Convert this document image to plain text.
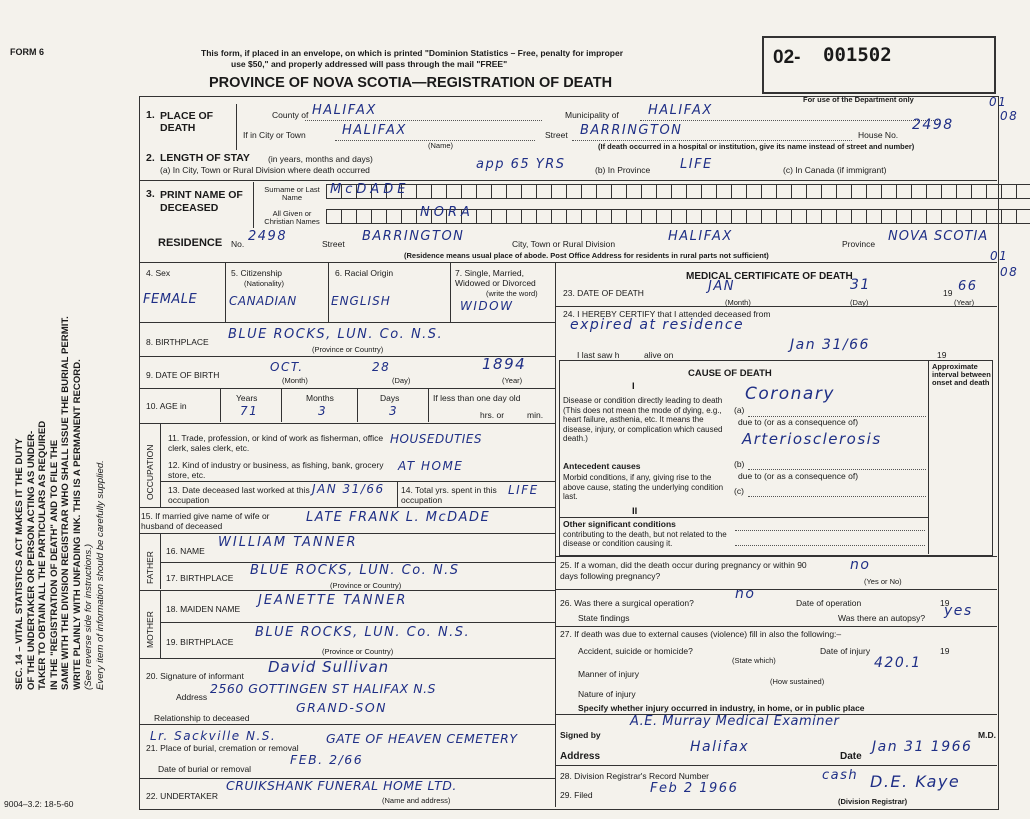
SEC. 14 – VITAL STATISTICS ACT MAKES IT THE DUTY OF THE UNDERTAKER OR PERSON ACTING AS UNDER- TAKER TO OBTAIN ALL THE PARTICULARS AS REQUIRED IN THE "REGISTRATION OF DEATH" AND TO FILE THE SAME WITH THE DIVISION REGISTRAR WHO SHALL ISSUE THE BURIAL PERMIT. WRITE PLAINLY WITH UNFADING INK. THIS IS A PERMANENT RECORD. (See reverse side for instructions.) Every item of information should be carefully supplied.
FORM 6	This form, if placed in an envelope, on which is printed "Dominion Statistics – Free, penalty for improper
use $50," and properly addressed will pass through the mail "FREE"
PROVINCE OF NOVA SCOTIA—REGISTRATION OF DEATH
02- 001502
For use of the Department only	01
08
01
08
1. PLACE OF DEATH
County of HALIFAX	Municipality of HALIFAX
If in City or Town	HALIFAX
(Name)
Street BARRINGTON	House No.
2498
(If death occurred in a hospital or institution, give its name instead of street and number)
2. LENGTH OF STAY (in years, months and days)
(a) In City, Town or Rural Division where death occurred	app 65 YRS	(b) In Province LIFE	(c) In Canada (if immigrant)
3. PRINT NAME OF DECEASED
Surname or Last Name
All Given or Christian Names
McDADE
NORA
RESIDENCE No. 2498	Street BARRINGTON	City, Town or Rural Division	HALIFAX	Province NOVA SCOTIA
(Residence means usual place of abode. Post Office Address for residents in rural parts not sufficient)
4. Sex
FEMALE
5. Citizenship
(Nationality)
CANADIAN
6. Racial Origin
ENGLISH
7. Single, Married, Widowed or Divorced
(write the word)
WIDOW
8. BIRTHPLACE BLUE ROCKS, LUN. Co. N.S.
(Province or Country)
9. DATE OF BIRTH
OCT.	28	1894
(Month)	(Day)	(Year)
10. AGE in
Years	Months	Days
71	3	3
If less than one day old
hrs. or	min.
OCCUPATION
11. Trade, profession, or kind of work as fisherman, office clerk, sales clerk, etc.
HOUSEDUTIES
12. Kind of industry or business, as fishing, bank, grocery store, etc.
AT HOME
13. Date deceased last worked at this occupation
JAN 31/66 14. Total yrs. spent in this occupation
LIFE
15. If married give name of wife or husband of deceased
LATE FRANK L. McDADE
FATHER
16. NAME
WILLIAM TANNER
17. BIRTHPLACE BLUE ROCKS, LUN. Co. N.S
(Province or Country)
MOTHER
18. MAIDEN NAME
JEANETTE TANNER
19. BIRTHPLACE
BLUE ROCKS, LUN. Co. N.S.
(Province or Country)
20. Signature of informant David Sullivan
Address
2560 GOTTINGEN ST HALIFAX N.S
Relationship to deceased
GRAND-SON
21. Place of burial, cremation or removal
Lr. Sackville N.S.	GATE OF HEAVEN CEMETERY
Date of burial or removal
FEB. 2/66
22. UNDERTAKER
CRUIKSHANK FUNERAL HOME LTD.
(Name and address)
MEDICAL CERTIFICATE OF DEATH
23. DATE OF DEATH	JAN	31	19 66
(Month)	(Day)	(Year)
24. I HEREBY CERTIFY that I attended deceased from
expired at residence
I last saw h	alive on
Jan 31/66
19
CAUSE OF DEATH
I
Approximate interval between onset and death
Disease or condition directly leading to death (This does not mean the mode of dying, e.g., heart failure, asthenia, etc. It means the disease, injury, or complication which caused death.)
(a)
Coronary
due to (or as a consequence of)
Arteriosclerosis
Antecedent causes
Morbid conditions, if any, giving rise to the above cause, stating the underlying condition last.
(b)
due to (or as a consequence of)
(c)
II
Other significant conditions
contributing to the death, but not related to the disease or condition causing it.
25. If a woman, did the death occur during pregnancy or within 90 days following pregnancy?
no
(Yes or No)
26. Was there a surgical operation?
no
Date of operation	19
State findings	Was there an autopsy? yes
27. If death was due to external causes (violence) fill in also the following:–
Accident, suicide or homicide?	Date of injury	19
(State which)
Manner of injury
420.1
(How sustained)
Nature of injury
Specify whether injury occurred in industry, in home, or in public place
Signed by
A.E. Murray Medical Examiner
M.D.
Address
Halifax
Date
Jan 31 1966
28. Division Registrar's Record Number	cash
29. Filed	Feb 2 1966	D.E. Kaye
(Division Registrar)
9004–3.2: 18-5-60
